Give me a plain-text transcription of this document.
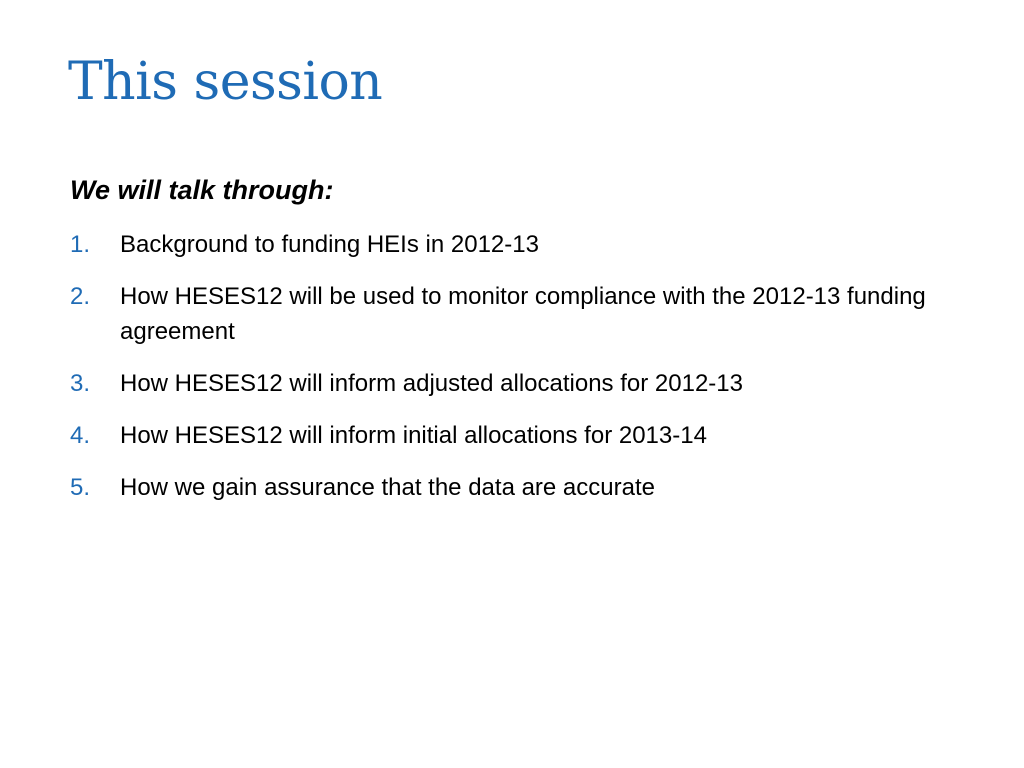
This session

We will talk through:

1. Background to funding HEIs in 2012-13
2. How HESES12 will be used to monitor compliance with the 2012-13 funding agreement
3. How HESES12 will inform adjusted allocations for 2012-13
4. How HESES12 will inform initial allocations for 2013-14
5. How we gain assurance that the data are accurate
